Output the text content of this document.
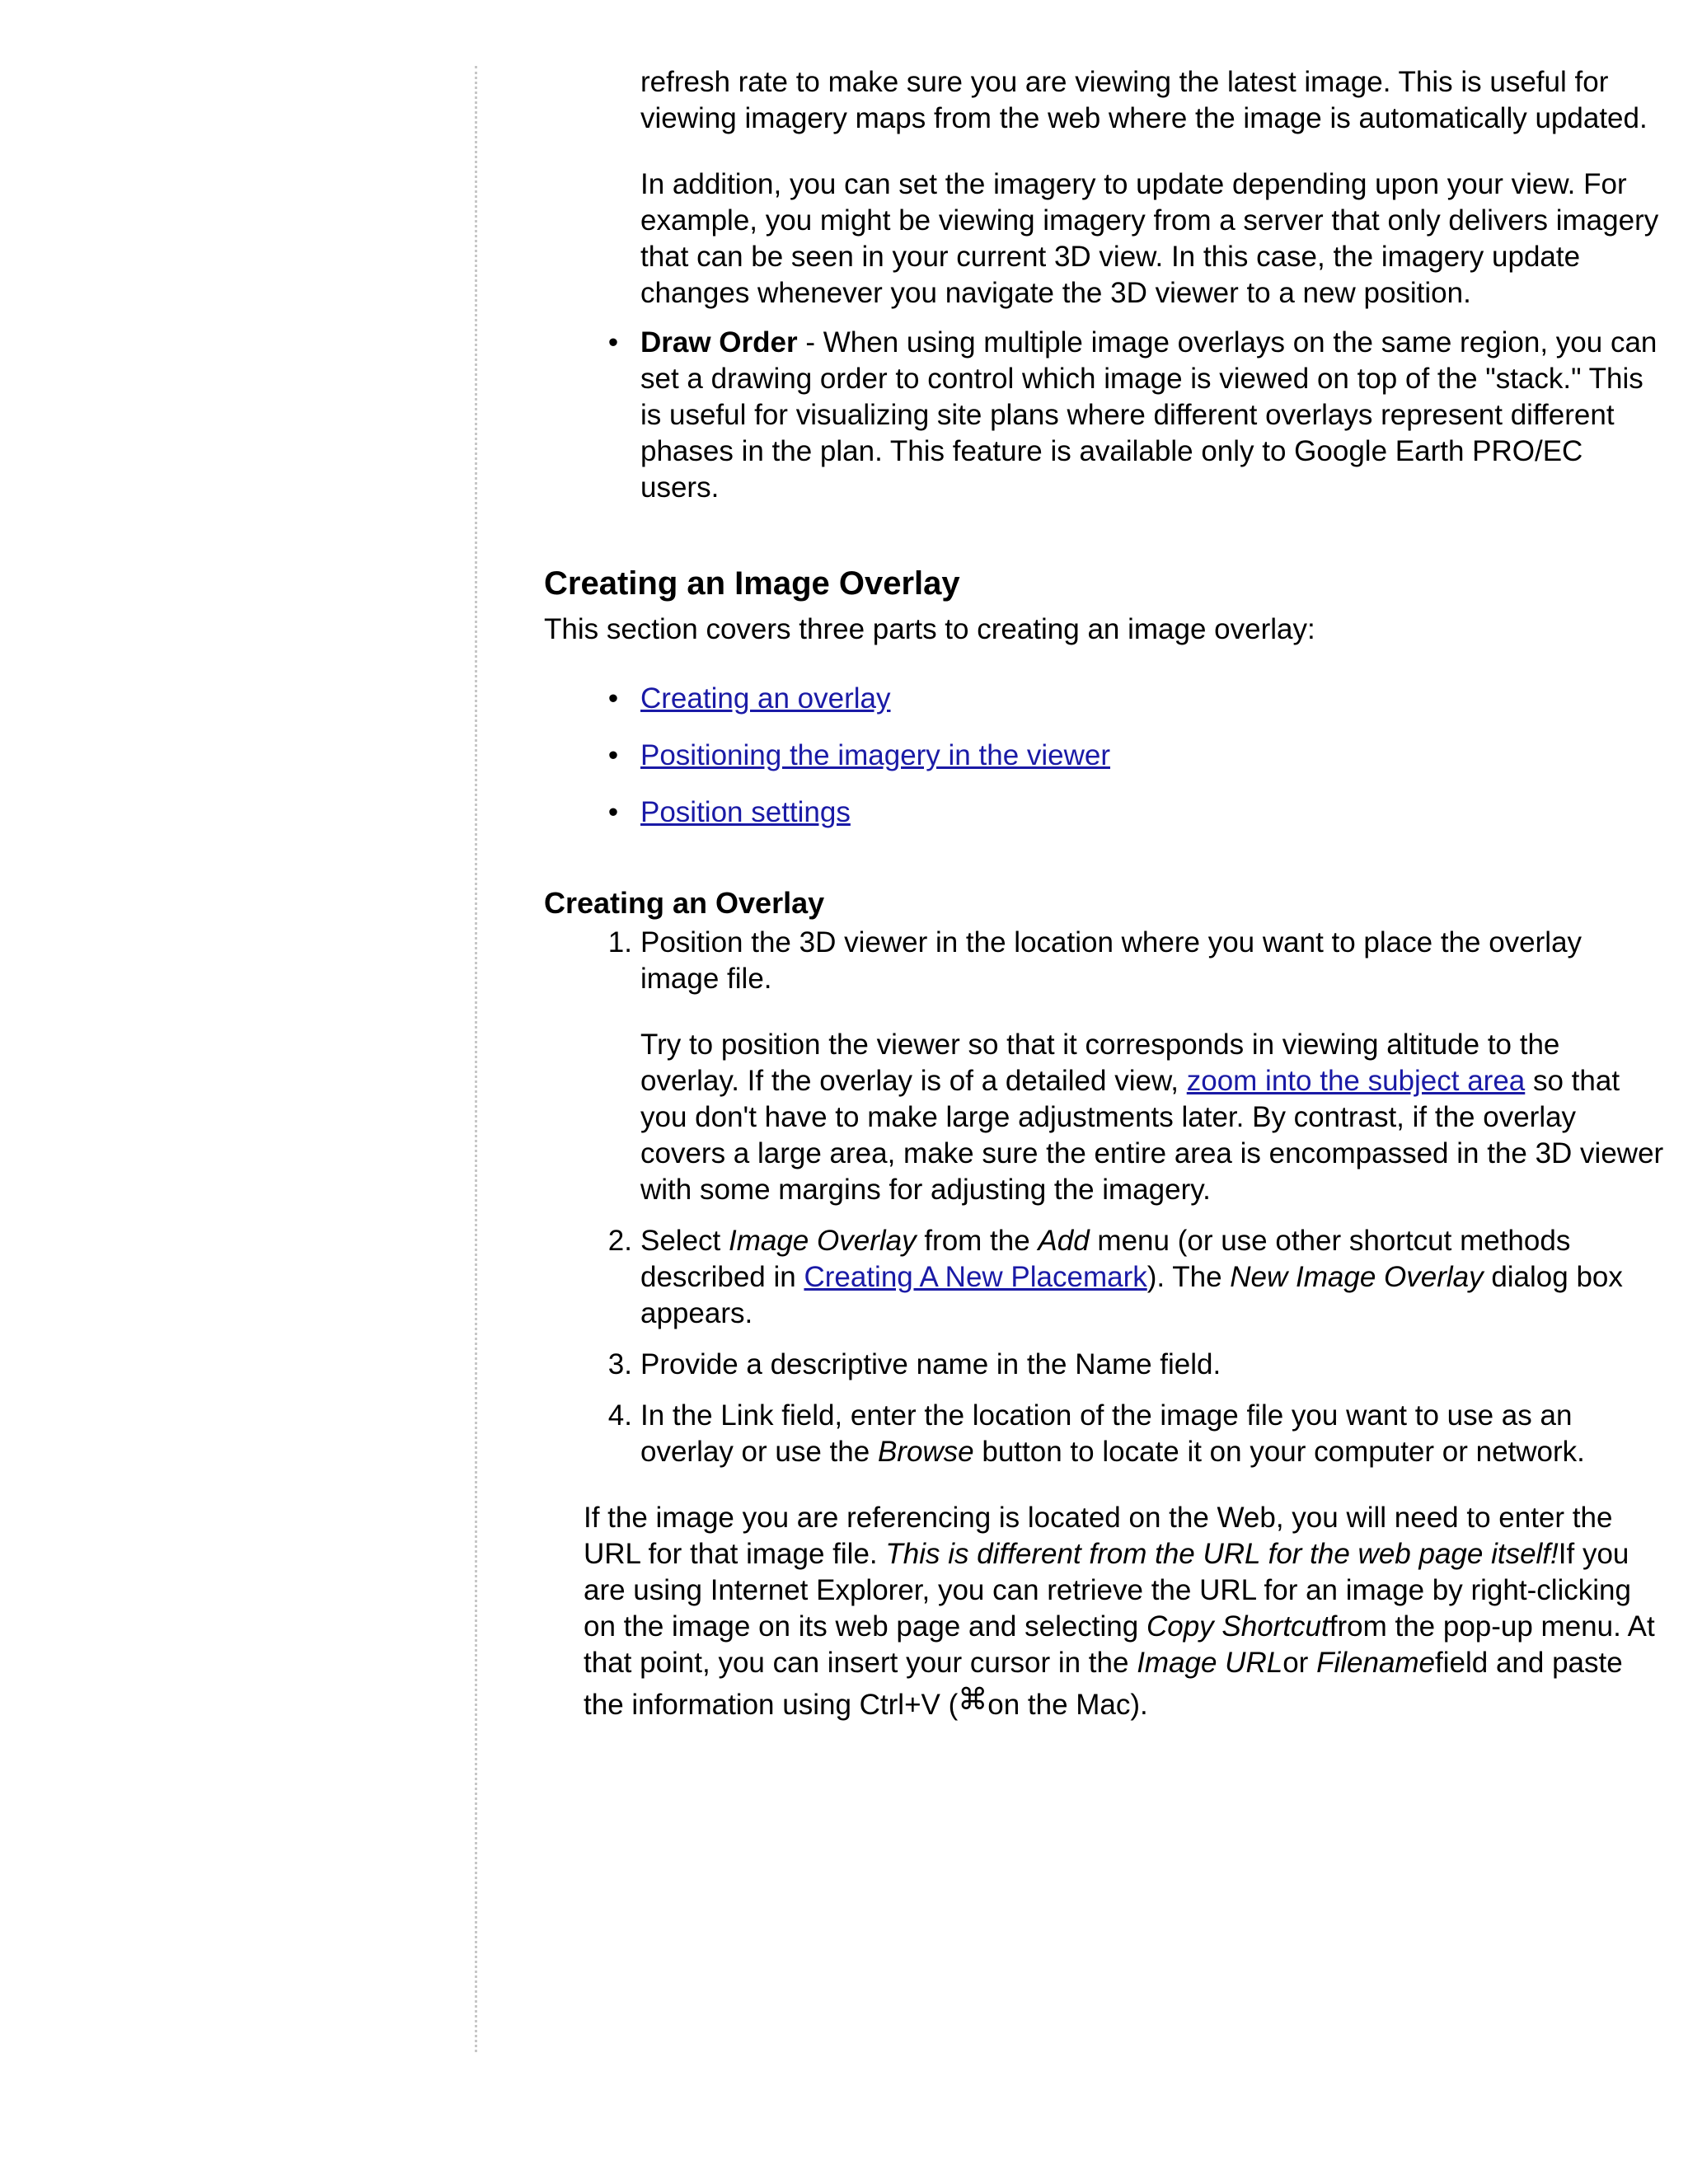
refresh rate to make sure you are viewing the latest image. This is useful for viewing imagery maps from the web where the image is automatically updated.

In addition, you can set the imagery to update depending upon your view. For example, you might be viewing imagery from a server that only delivers imagery that can be seen in your current 3D view. In this case, the imagery update changes whenever you navigate the 3D viewer to a new position.

• Draw Order - When using multiple image overlays on the same region, you can set a drawing order to control which image is viewed on top of the "stack." This is useful for visualizing site plans where different overlays represent different phases in the plan. This feature is available only to Google Earth PRO/EC users.

Creating an Image Overlay

This section covers three parts to creating an image overlay:

• Creating an overlay
• Positioning the imagery in the viewer
• Position settings
Creating an Overlay
1. Position the 3D viewer in the location where you want to place the overlay image file.

Try to position the viewer so that it corresponds in viewing altitude to the overlay. If the overlay is of a detailed view, zoom into the subject area so that you don't have to make large adjustments later. By contrast, if the overlay covers a large area, make sure the entire area is encompassed in the 3D viewer with some margins for adjusting the imagery.

2. Select Image Overlay from the Add menu (or use other shortcut methods described in Creating A New Placemark). The New Image Overlay dialog box appears.

3. Provide a descriptive name in the Name field.

4. In the Link field, enter the location of the image file you want to use as an overlay or use the Browse button to locate it on your computer or network.

If the image you are referencing is located on the Web, you will need to enter the URL for that image file. This is different from the URL for the web page itself!If you are using Internet Explorer, you can retrieve the URL for an image by right-clicking on the image on its web page and selecting Copy Shortcutfrom the pop-up menu. At that point, you can insert your cursor in the Image URLor Filenamefield and paste the information using Ctrl+V (⌘on the Mac).
